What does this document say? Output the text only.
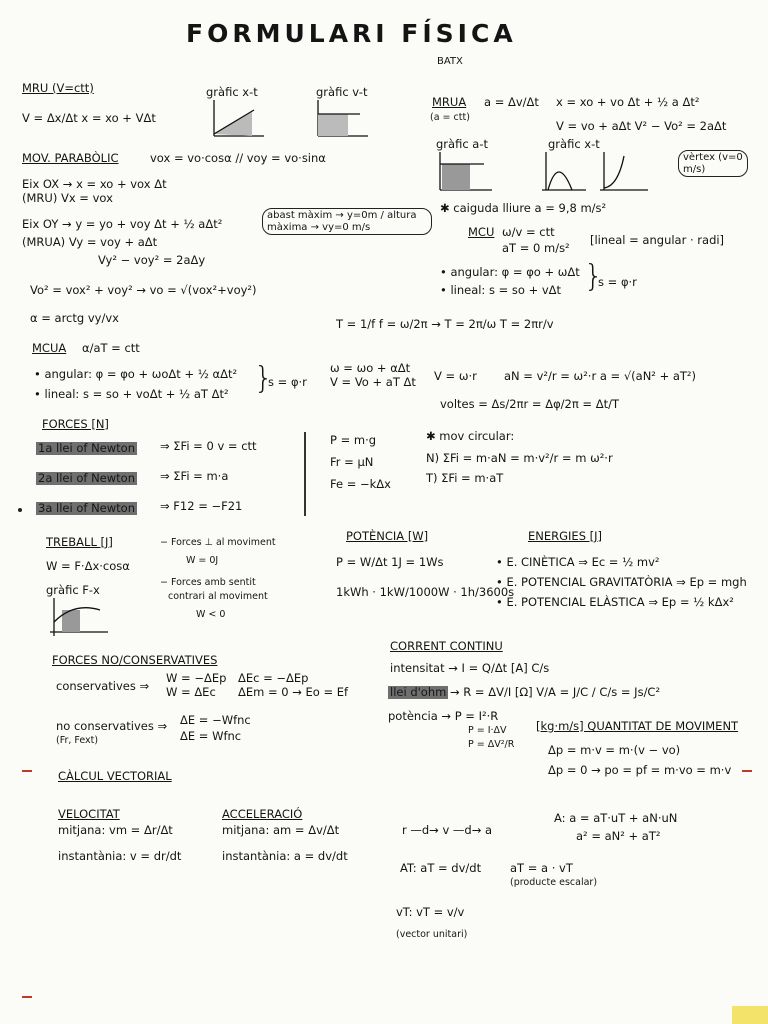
FORMULARI FÍSICA
BATX
MRU (V=ctt)
V = Δx/Δt x = xo + VΔt
gràfic x-t	gràfic v-t
MRUA a = Δv/Δt
(a = ctt)
x = xo + vo Δt + ½ a Δt²
V = vo + aΔt V² − Vo² = 2aΔt
gràfic a-t	gràfic x-t
vèrtex (v=0 m/s)
✱ caiguda lliure a = 9,8 m/s²
MOV. PARABÒLIC	vox = vo·cosα // voy = vo·sinα
Eix OX → x = xo + vox Δt
(MRU) Vx = vox
Eix OY → y = yo + voy Δt + ½ aΔt²
(MRUA) Vy = voy + aΔt
Vy² − voy² = 2aΔy
abast màxim → y=0m / altura màxima → vy=0 m/s
Vo² = vox² + voy² → vo = √(vox²+voy²)
α = arctg vy/vx
MCU ω/v = ctt
aT = 0 m/s²
[lineal = angular · radi]
• angular: φ = φo + ωΔt
• lineal: s = so + vΔt }
s = φ·r
T = 1/f f = ω/2π → T = 2π/ω T = 2πr/v
MCUA α/aT = ctt
• angular: φ = φo + ωoΔt + ½ αΔt²
• lineal: s = so + voΔt + ½ aT Δt² }
s = φ·r
ω = ωo + αΔt
V = Vo + aT Δt V = ω·r aN = v²/r = ω²·r a = √(aN² + aT²)
voltes = Δs/2πr = Δφ/2π = Δt/T
FORCES [N]
1a llei of Newton ⇒ ΣFi = 0 v = ctt
2a llei of Newton ⇒ ΣFi = m·a
3a llei of Newton ⇒ F12 = −F21
P = m·g
Fr = μN
Fe = −kΔx
✱ mov circular:
N) ΣFi = m·aN = m·v²/r = m ω²·r
T) ΣFi = m·aT
TREBALL [J]
W = F·Δx·cosα
− Forces ⊥ al moviment
W = 0J
gràfic F-x
− Forces amb sentit
contrari al moviment
W < 0
POTÈNCIA [W]
P = W/Δt 1J = 1Ws
1kWh · 1kW/1000W · 1h/3600s
ENERGIES [J]
• E. CINÈTICA ⇒ Ec = ½ mv²
• E. POTENCIAL GRAVITATÒRIA ⇒ Ep = mgh
• E. POTENCIAL ELÀSTICA ⇒ Ep = ½ kΔx²
FORCES NO/CONSERVATIVES
conservatives ⇒
W = −ΔEp
W = ΔEc
ΔEc = −ΔEp
ΔEm = 0 → Eo = Ef
no conservatives ⇒ ΔE = −Wfnc
ΔE = Wfnc
(Fr, Fext)
CORRENT CONTINU
intensitat → I = Q/Δt [A] C/s
llei d'ohm → R = ΔV/I [Ω] V/A = J/C / C/s = Js/C²
potència → P = I²·R
P = I·ΔV
P = ΔV²/R
[kg·m/s] QUANTITAT DE MOVIMENT
Δp = m·v = m·(v − vo)
Δp = 0 → po = pf = m·vo = m·v
CÀLCUL VECTORIAL
VELOCITAT
mitjana: vm = Δr/Δt
instantània: v = dr/dt
ACCELERACIÓ
mitjana: am = Δv/Δt
instantània: a = dv/dt
r —d→ v —d→ a
A: a = aT·uT + aN·uN
a² = aN² + aT²
AT: aT = dv/dt	aT = a · vT
(producte escalar)
vT: vT = v/v
(vector unitari)
